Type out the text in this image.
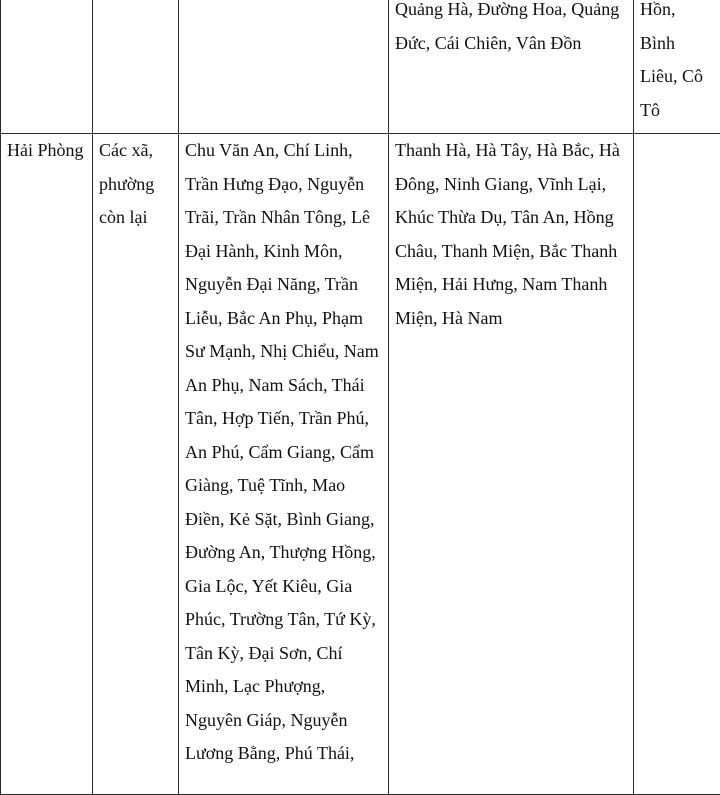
			Quảng Hà, Đường Hoa, Quảng Đức, Cái Chiên, Vân Đồn	Hồn, Bình Liêu, Cô Tô

Hải Phòng	Các xã, phường còn lại	Chu Văn An, Chí Linh, Trần Hưng Đạo, Nguyễn Trãi, Trần Nhân Tông, Lê Đại Hành, Kinh Môn, Nguyễn Đại Năng, Trần Liễu, Bắc An Phụ, Phạm Sư Mạnh, Nhị Chiểu, Nam An Phụ, Nam Sách, Thái Tân, Hợp Tiến, Trần Phú, An Phú, Cẩm Giang, Cẩm Giàng, Tuệ Tĩnh, Mao Điền, Kẻ Sặt, Bình Giang, Đường An, Thượng Hồng, Gia Lộc, Yết Kiêu, Gia Phúc, Trường Tân, Tứ Kỳ, Tân Kỳ, Đại Sơn, Chí Minh, Lạc Phượng, Nguyên Giáp, Nguyễn Lương Bằng, Phú Thái,	Thanh Hà, Hà Tây, Hà Bắc, Hà Đông, Ninh Giang, Vĩnh Lại, Khúc Thừa Dụ, Tân An, Hồng Châu, Thanh Miện, Bắc Thanh Miện, Hải Hưng, Nam Thanh Miện, Hà Nam	
